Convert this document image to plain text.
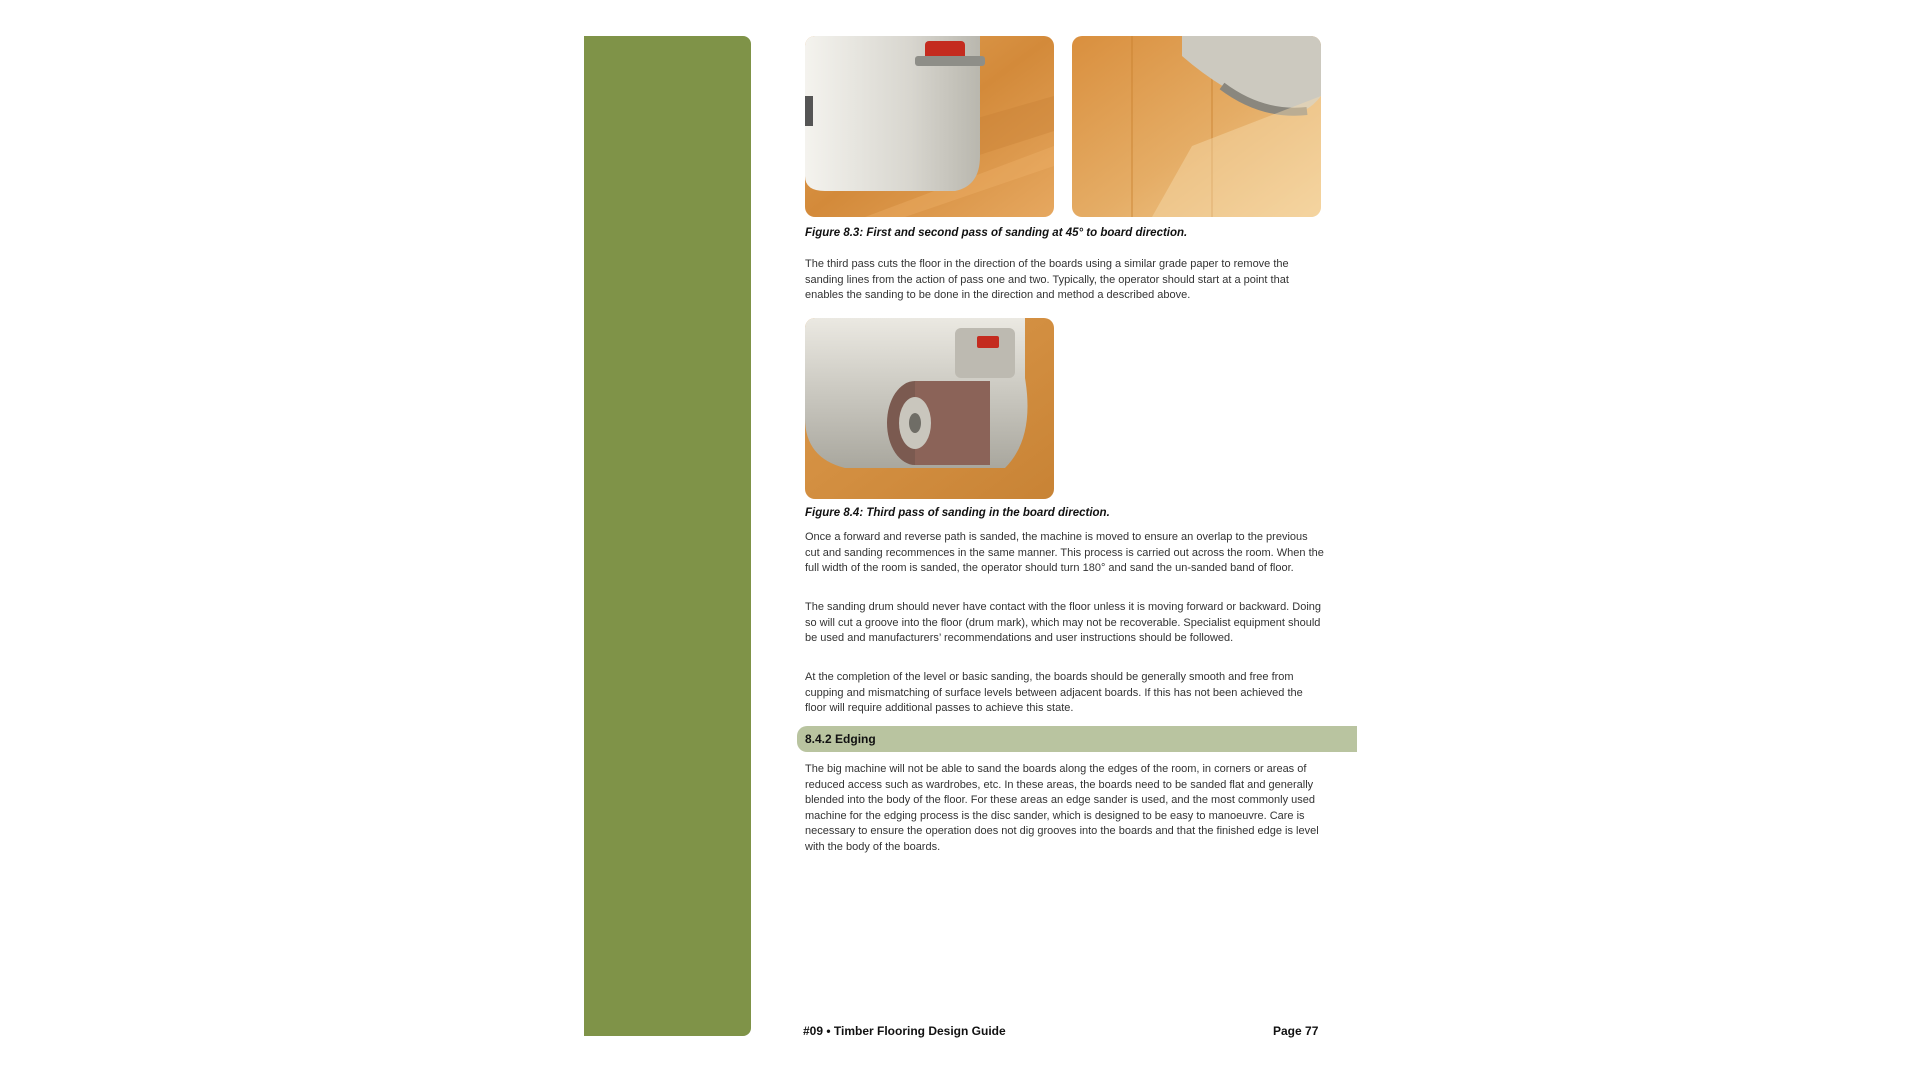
Figure 8.3: First and second pass of sanding at 45° to board direction.

The third pass cuts the floor in the direction of the boards using a similar grade paper to remove the sanding lines from the action of pass one and two. Typically, the operator should start at a point that enables the sanding to be done in the direction and method a described above.

Figure 8.4: Third pass of sanding in the board direction.

Once a forward and reverse path is sanded, the machine is moved to ensure an overlap to the previous cut and sanding recommences in the same manner. This process is carried out across the room. When the full width of the room is sanded, the operator should turn 180° and sand the un-sanded band of floor.

The sanding drum should never have contact with the floor unless it is moving forward or backward. Doing so will cut a groove into the floor (drum mark), which may not be recoverable. Specialist equipment should be used and manufacturers’ recommendations and user instructions should be followed.

At the completion of the level or basic sanding, the boards should be generally smooth and free from cupping and mismatching of surface levels between adjacent boards. If this has not been achieved the floor will require additional passes to achieve this state.

8.4.2 Edging

The big machine will not be able to sand the boards along the edges of the room, in corners or areas of reduced access such as wardrobes, etc. In these areas, the boards need to be sanded flat and generally blended into the body of the floor. For these areas an edge sander is used, and the most commonly used machine for the edging process is the disc sander, which is designed to be easy to manoeuvre. Care is necessary to ensure the operation does not dig grooves into the boards and that the finished edge is level with the body of the boards.

#09 • Timber Flooring Design Guide	Page 77
